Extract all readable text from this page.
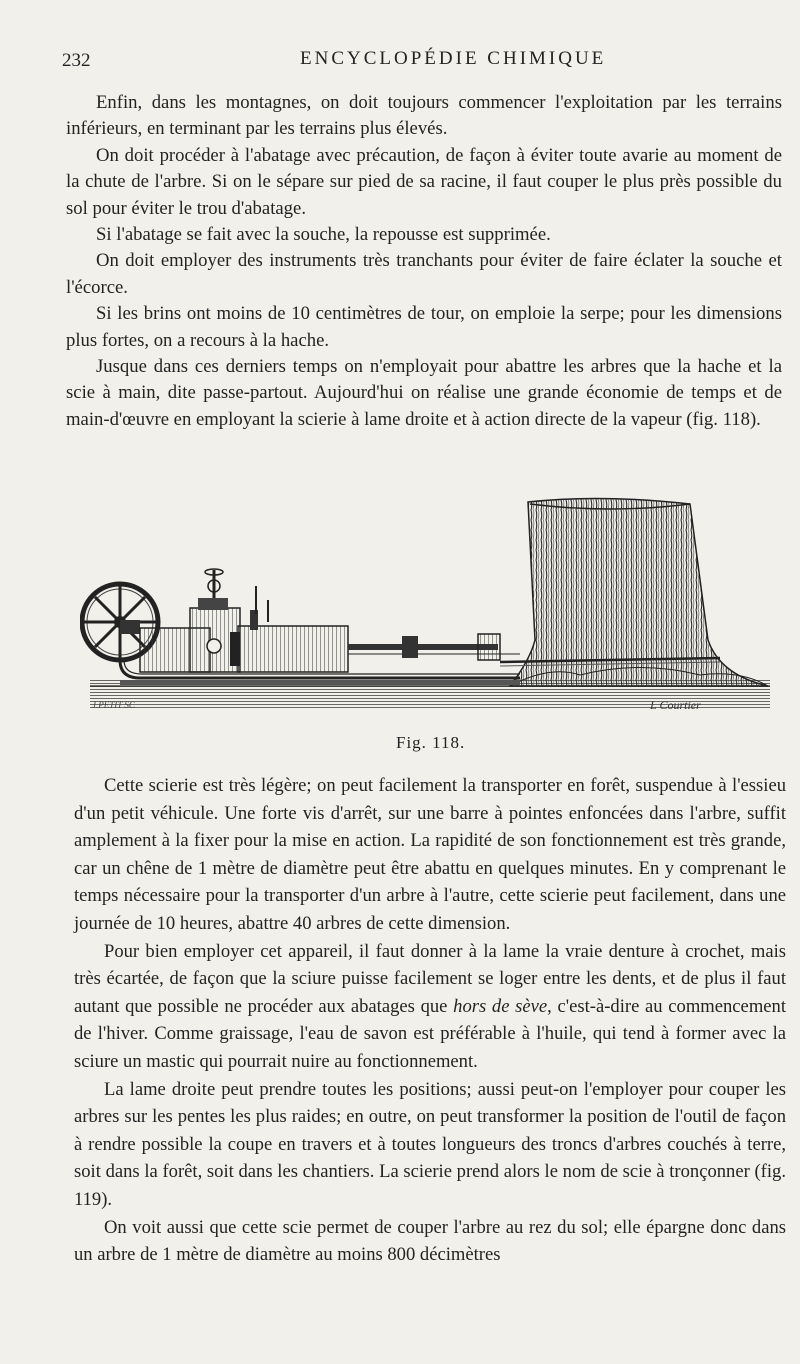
232	ENCYCLOPÉDIE CHIMIQUE

Enfin, dans les montagnes, on doit toujours commencer l'exploitation par les terrains inférieurs, en terminant par les terrains plus élevés.

On doit procéder à l'abatage avec précaution, de façon à éviter toute avarie au moment de la chute de l'arbre. Si on le sépare sur pied de sa racine, il faut couper le plus près possible du sol pour éviter le trou d'abatage.

Si l'abatage se fait avec la souche, la repousse est supprimée.

On doit employer des instruments très tranchants pour éviter de faire éclater la souche et l'écorce.

Si les brins ont moins de 10 centimètres de tour, on emploie la serpe; pour les dimensions plus fortes, on a recours à la hache.

Jusque dans ces derniers temps on n'employait pour abattre les arbres que la hache et la scie à main, dite passe-partout. Aujourd'hui on réalise une grande économie de temps et de main-d'œuvre en employant la scierie à lame droite et à action directe de la vapeur (fig. 118).

J.PETIT SC	L Courtier
Fig. 118.

Cette scierie est très légère; on peut facilement la transporter en forêt, suspendue à l'essieu d'un petit véhicule. Une forte vis d'arrêt, sur une barre à pointes enfoncées dans l'arbre, suffit amplement à la fixer pour la mise en action. La rapidité de son fonctionnement est très grande, car un chêne de 1 mètre de diamètre peut être abattu en quelques minutes. En y comprenant le temps nécessaire pour la transporter d'un arbre à l'autre, cette scierie peut facilement, dans une journée de 10 heures, abattre 40 arbres de cette dimension.

Pour bien employer cet appareil, il faut donner à la lame la vraie denture à crochet, mais très écartée, de façon que la sciure puisse facilement se loger entre les dents, et de plus il faut autant que possible ne procéder aux abatages que hors de sève, c'est-à-dire au commencement de l'hiver. Comme graissage, l'eau de savon est préférable à l'huile, qui tend à former avec la sciure un mastic qui pourrait nuire au fonctionnement.

La lame droite peut prendre toutes les positions; aussi peut-on l'employer pour couper les arbres sur les pentes les plus raides; en outre, on peut transformer la position de l'outil de façon à rendre possible la coupe en travers et à toutes longueurs des troncs d'arbres couchés à terre, soit dans la forêt, soit dans les chantiers. La scierie prend alors le nom de scie à tronçonner (fig. 119).

On voit aussi que cette scie permet de couper l'arbre au rez du sol; elle épargne donc dans un arbre de 1 mètre de diamètre au moins 800 décimètres
